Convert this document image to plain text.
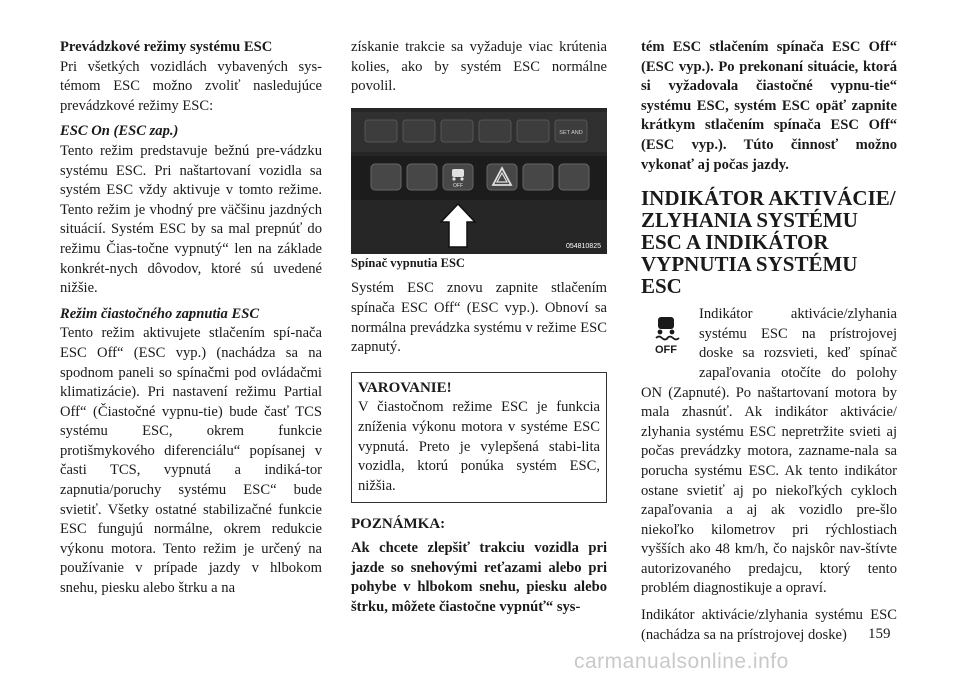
Prevádzkové režimy systému ESC

Pri všetkých vozidlách vybavených sys-témom ESC možno zvoliť nasledujúce prevádzkové režimy ESC:

ESC On (ESC zap.)

Tento režim predstavuje bežnú pre-vádzku systému ESC. Pri naštartovaní vozidla sa systém ESC vždy aktivuje v tomto režime. Tento režim je vhodný pre väčšinu jazdných situácií. Systém ESC by sa mal prepnúť do režimu Čias-točne vypnutý“ len na základe konkrét-nych dôvodov, ktoré sú uvedené nižšie.

Režim čiastočného zapnutia ESC

Tento režim aktivujete stlačením spí-nača ESC Off“ (ESC vyp.) (nachádza sa na spodnom paneli so spínačmi pod ovládačmi klimatizácie). Pri nastavení režimu Partial Off“ (Čiastočné vypnu-tie) bude časť TCS systému ESC, okrem funkcie protišmykového diferenciálu“ popísanej v časti TCS, vypnutá a indiká-tor zapnutia/poruchy systému ESC“ bude svietiť. Všetky ostatné stabilizačné funkcie ESC fungujú normálne, okrem redukcie výkonu motora. Tento režim je určený na používanie v prípade jazdy v hlbokom snehu, piesku alebo štrku a na

získanie trakcie sa vyžaduje viac krútenia kolies, ako by systém ESC normálne povolil.

SET AND
OFF
054810825

Spínač vypnutia ESC

Systém ESC znovu zapnite stlačením spínača ESC Off“ (ESC vyp.). Obnoví sa normálna prevádzka systému v režime ESC zapnutý.

VAROVANIE!

V čiastočnom režime ESC je funkcia zníženia výkonu motora v systéme ESC vypnutá. Preto je vylepšená stabi-lita vozidla, ktorú ponúka systém ESC, nižšia.

POZNÁMKA:

Ak chcete zlepšiť trakciu vozidla pri jazde so snehovými reťazami alebo pri pohybe v hlbokom snehu, piesku alebo štrku, môžete čiastočne vypnúť“ sys-

tém ESC stlačením spínača ESC Off“ (ESC vyp.). Po prekonaní situácie, ktorá si vyžadovala čiastočné vypnu-tie“ systému ESC, systém ESC opäť zapnite krátkym stlačením spínača ESC Off“ (ESC vyp.). Túto činnosť možno vykonať aj počas jazdy.

INDIKÁTOR AKTIVÁCIE/ ZLYHANIA SYSTÉMU ESC A INDIKÁTOR VYPNUTIA SYSTÉMU ESC

OFF

Indikátor aktivácie/zlyhania systému ESC na prístrojovej doske sa rozsvieti, keď spínač zapaľovania otočíte do polohy ON (Zapnuté). Po naštartovaní motora by mala zhasnúť. Ak indikátor aktivácie/ zlyhania systému ESC nepretržite svieti aj počas prevádzky motora, zazname-nala sa porucha systému ESC. Ak tento indikátor ostane svietiť aj po niekoľkých cykloch zapaľovania a aj ak vozidlo pre-šlo niekoľko kilometrov pri rýchlostiach vyšších ako 48 km/h, čo najskôr nav-štívte autorizovaného predajcu, ktorý tento problém diagnostikuje a opraví.

Indikátor aktivácie/zlyhania systému ESC (nachádza sa na prístrojovej doske)	159
carmanualsonline.info
